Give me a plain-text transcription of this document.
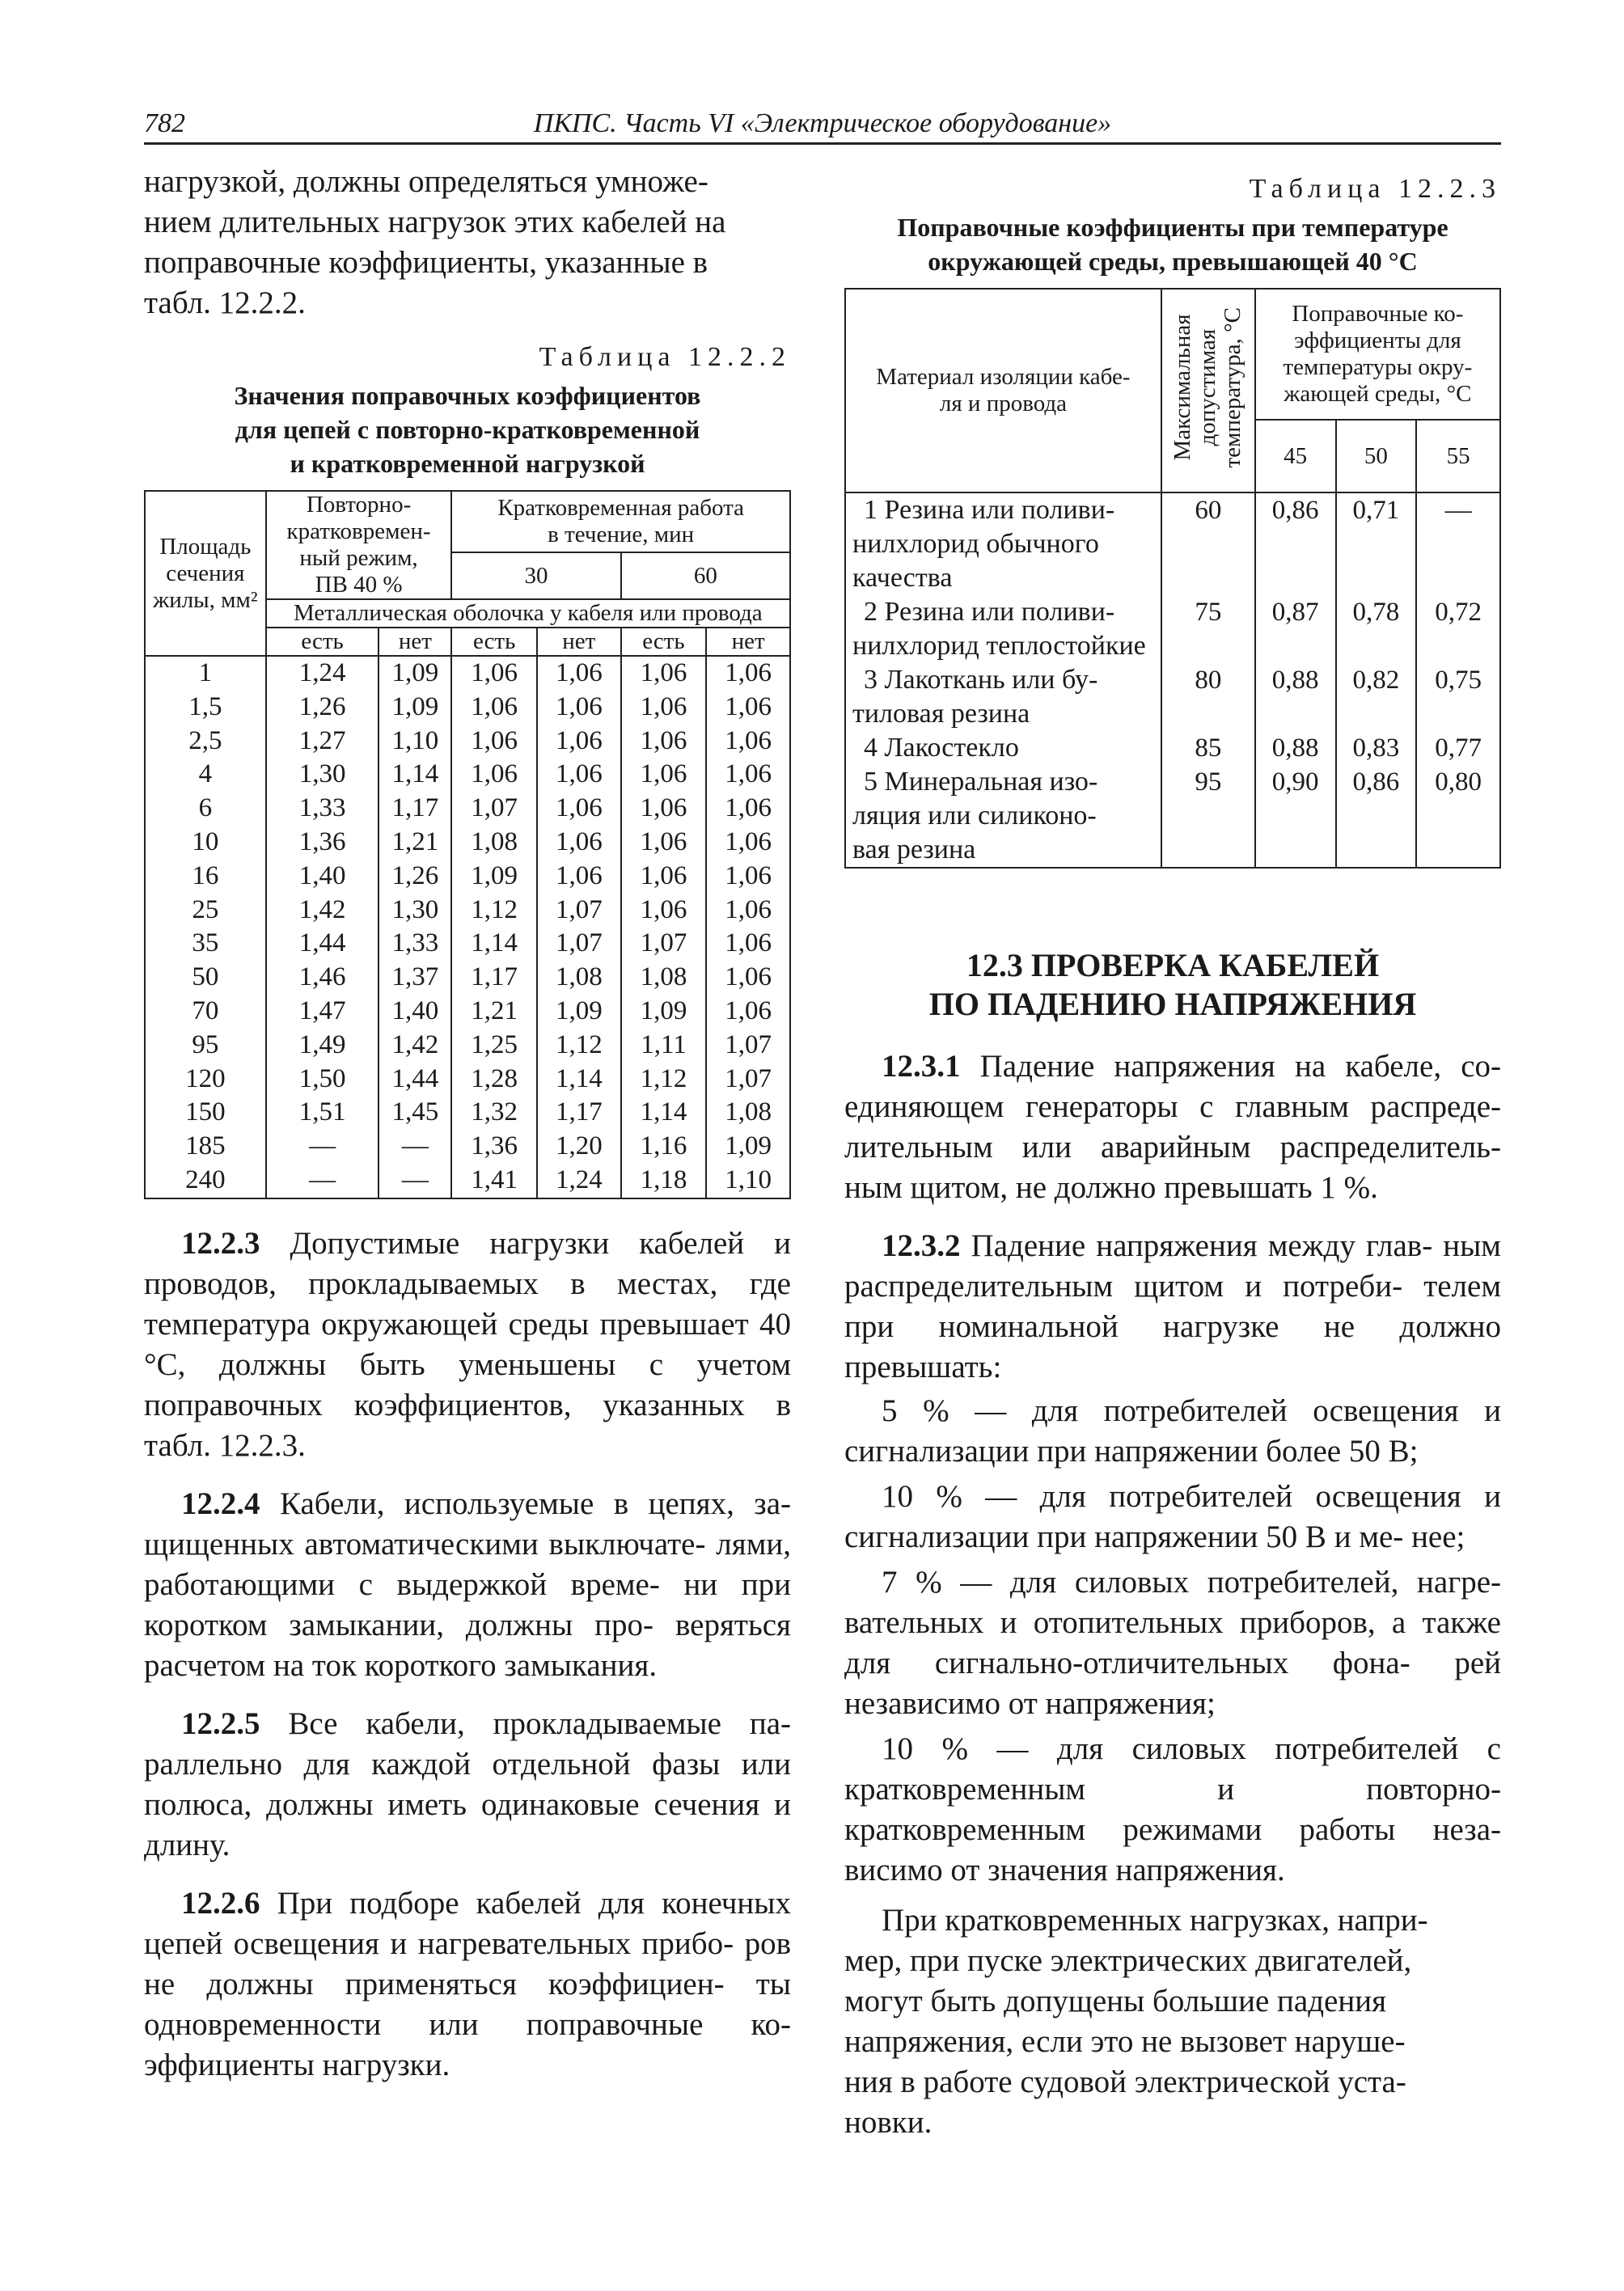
782	ПКПС. Часть VI «Электрическое оборудование»
нагрузкой, должны определяться умноже-
нием длительных нагрузок этих кабелей на
поправочные коэффициенты, указанные в
табл. 12.2.2.
Таблица 12.2.2
Значения поправочных коэффициентов
для цепей с повторно-кратковременной
и кратковременной нагрузкой
Площадь
сечения
жилы, мм²	Повторно-
кратковремен-
ный режим,
ПВ 40 %		Кратковременная работа
в течение, мин			
			30		60	
	Металлическая оболочка у кабеля или провода					
	есть	нет	есть	нет	есть	нет
1	1,24	1,09	1,06	1,06	1,06	1,06
1,5	1,26	1,09	1,06	1,06	1,06	1,06
2,5	1,27	1,10	1,06	1,06	1,06	1,06
4	1,30	1,14	1,06	1,06	1,06	1,06
6	1,33	1,17	1,07	1,06	1,06	1,06
10	1,36	1,21	1,08	1,06	1,06	1,06
16	1,40	1,26	1,09	1,06	1,06	1,06
25	1,42	1,30	1,12	1,07	1,06	1,06
35	1,44	1,33	1,14	1,07	1,07	1,06
50	1,46	1,37	1,17	1,08	1,08	1,06
70	1,47	1,40	1,21	1,09	1,09	1,06
95	1,49	1,42	1,25	1,12	1,11	1,07
120	1,50	1,44	1,28	1,14	1,12	1,07
150	1,51	1,45	1,32	1,17	1,14	1,08
185	—	—	1,36	1,20	1,16	1,09
240	—	—	1,41	1,24	1,18	1,10
12.2.3 Допустимые нагрузки кабелей и проводов, прокладываемых в местах, где температура окружающей среды превышает 40 °С, должны быть уменьшены с учетом поправочных коэффициентов, указанных в табл. 12.2.3.
12.2.4 Кабели, используемые в цепях, за- щищенных автоматическими выключате- лями, работающими с выдержкой време- ни при коротком замыкании, должны про- веряться расчетом на ток короткого замыкания.
12.2.5 Все кабели, прокладываемые па- раллельно для каждой отдельной фазы или полюса, должны иметь одинаковые сечения и длину.
12.2.6 При подборе кабелей для конечных цепей освещения и нагревательных прибо- ров не должны применяться коэффициен- ты одновременности или поправочные ко- эффициенты нагрузки.
Таблица 12.2.3
Поправочные коэффициенты при температуре
окружающей среды, превышающей 40 °С
Материал изоляции кабе-
ля и провода	Максимальная
допустимая
температура, °С	Поправочные ко-
эффициенты для
температуры окру-
жающей среды, °С		
		45	50	55

1 Резина или поливи-
нилхлорид обычного
качества	60	0,86	0,71	—

2 Резина или поливи-
нилхлорид теплостойкие	75	0,87	0,78	0,72

3 Лакоткань или бу-
тиловая резина	80	0,88	0,82	0,75

4 Лакостекло	85	0,88	0,83	0,77

5 Минеральная изо-
ляция или силиконо-
вая резина	95	0,90	0,86	0,80
12.3 ПРОВЕРКА КАБЕЛЕЙ
ПО ПАДЕНИЮ НАПРЯЖЕНИЯ
12.3.1 Падение напряжения на кабеле, со- единяющем генераторы с главным распреде- лительным или аварийным распределитель- ным щитом, не должно превышать 1 %.
12.3.2 Падение напряжения между глав- ным распределительным щитом и потреби- телем при номинальной нагрузке не должно превышать:
5 % — для потребителей освещения и сигнализации при напряжении более 50 В;
10 % — для потребителей освещения и сигнализации при напряжении 50 В и ме- нее;
7 % — для силовых потребителей, нагре- вательных и отопительных приборов, а также для сигнально-отличительных фона- рей независимо от напряжения;
10 % — для силовых потребителей с кратковременным и повторно- кратковременным режимами работы неза- висимо от значения напряжения.
При кратковременных нагрузках, напри-
мер, при пуске электрических двигателей,
могут быть допущены большие падения
напряжения, если это не вызовет наруше-
ния в работе судовой электрической уста-
новки.
